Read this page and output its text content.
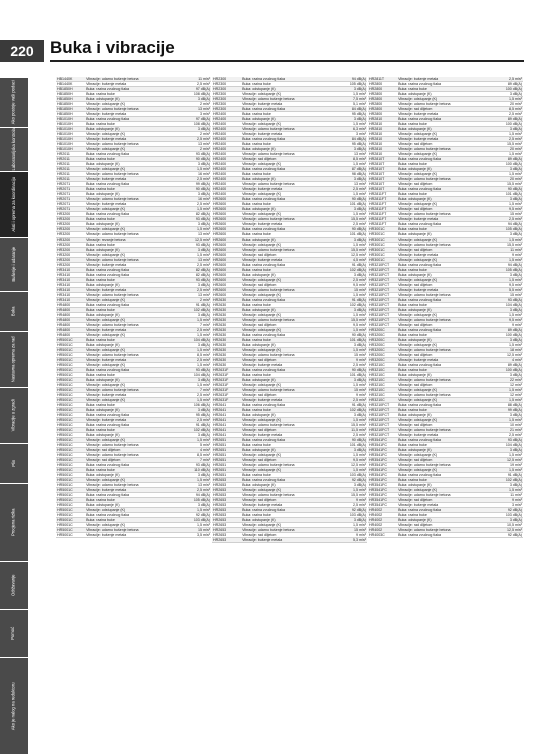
220 Buka i vibracije
Ako postoje vaši podaci
Laboratorijska kontrola
Alati i oprema za koordinaciju
Bušenje i udaranje
Buka
Nastavna oprema za rad
Vibracije u zgradi
Plin
Procjena rizika
Održavanje
Pomoć
Ako je nalog na reduktoru
HB1440K	Vibracije: udarno bušenje betona	11 m/s²
HB1440K	Vibracije: bušenje metala	2,5 m/s²
HB1850H	Buka: razina zvučnog tlaka	97 dB(A)
HB1850H	Buka: razina buke	108 dB(A)
HB1850H	Buka: odstupanje (K)	3 dB(A)
HB1850H	Vibracije: odstupanje (K)	2 m/s²
HB1850H	Vibracije: udarno bušenje betona	13 m/s²
HB1850H	Vibracije: bušenje metala	3 m/s²
HB1010H	Buka: razina zvučnog tlaka	97 dB(A)
HB1010H	Buka: razina buke	108 dB(A)
HB1010H	Buka: odstupanje (K)	3 dB(A)
HB1010H	Vibracije: odstupanje (K)	2 m/s²
HB1010H	Vibracije: bušenje metala	2,5 m/s²
HB1010H	Vibracije: udarno bušenje betona	13 m/s²
HB1010H	Vibracije: odstupanje (K)	2 m/s²
HR2011	Buka: razina zvučnog tlaka	93 dB(A)
HR2011	Buka: razina buke	90 dB(A)
HR2011	Buka: odstupanje (K)	3 dB(A)
HR2011	Vibracije: odstupanje (K)	1,5 m/s²
HR2011	Vibracije: udarno bušenje betona	16 m/s²
HR2011	Vibracije: bušenje metala	2,5 m/s²
HR2071	Buka: razina zvučnog tlaka	99 dB(A)
HR2071	Buka: razina buke	90 dB(A)
HR2071	Buka: odstupanje (K)	3 dB(A)
HR2071	Vibracije: udarno bušenje betona	16 m/s²
HR2071	Vibracije: bušenje metala	2,5 m/s²
HR2071	Vibracije: odstupanje (K)	1,5 m/s²
HR3200	Buka: razina zvučnog tlaka	82 dB(A)
HR3200	Buka: razina buke	93 dB(A)
HR3200	Buka: odstupanje (K)	3 dB(A)
HR3200	Vibracije: odstupanje (K)	1,5 m/s²
HR3200	Vibracije: udarno bušenje betona	13 m/s²
HR3200	Vibracije: rezanje betona	12,5 m/s²
HR3200	Buka: razina buke	93 dB(A)
HR3200	Buka: odstupanje (K)	3 dB(A)
HR3200	Vibracije: odstupanje (K)	1,5 m/s²
HR3200	Vibracije: udarno bušenje betona	13 m/s²
HR3200	Vibracije: bušenje metala	2,5 m/s²
HR3410	Buka: razina zvučnog tlaka	82 dB(A)
HR3410	Buka: razina zvučnog tlaka	82 dB(A)
HR3410	Buka: razina buke	93 dB(A)
HR3410	Buka: odstupanje (K)	3 dB(A)
HR3410	Vibracije: bušenje metala	2,5 m/s²
HR3410	Vibracije: udarno bušenje betona	13 m/s²
HR3410	Vibracije: odstupanje (K)	2 m/s²
HR4800	Buka: razina zvučnog tlaka	91 dB(A)
HR4800	Buka: razina buke	102 dB(A)
HR4800	Buka: odstupanje (K)	3 dB(A)
HR4800	Vibracije: odstupanje (K)	1,5 m/s²
HR4800	Vibracije: udarno bušenje betona	7 m/s²
HR4800	Vibracije: bušenje metala	2,5 m/s²
HR4800	Vibracije: odstupanje (K)	1,5 m/s²
HR5001C	Buka: razina buke	104 dB(A)
HR5001C	Buka: odstupanje (K)	3 dB(A)
HR5001C	Vibracije: odstupanje (K)	1,5 m/s²
HR5001C	Vibracije: udarno bušenje betona	8,5 m/s²
HR5001C	Vibracije: bušenje metala	2,5 m/s²
HR5001C	Vibracije: odstupanje (K)	1,5 m/s²
HR5001C	Buka: razina zvučnog tlaka	93 dB(A)
HR5001C	Buka: razina buke	104 dB(A)
HR5001C	Buka: odstupanje (K)	3 dB(A)
HR5001C	Vibracije: odstupanje (K)	1,5 m/s²
HR5001C	Vibracije: udarno bušenje betona	7 m/s²
HR5001C	Vibracije: bušenje metala	2,5 m/s²
HR5001C	Vibracije: odstupanje (K)	1,5 m/s²
HR5001C	Buka: razina buke	106 dB(A)
HR5001C	Buka: odstupanje (K)	3 dB(A)
HR5001C	Buka: razina zvučnog tlaka	95 dB(A)
HR5001C	Vibracije: bušenje metala	2,5 m/s²
HR5001C	Buka: razina zvučnog tlaka	91 dB(A)
HR5001C	Buka: razina buke	102 dB(A)
HR5001C	Buka: odstupanje (K)	3 dB(A)
HR5001C	Vibracije: odstupanje (K)	1,5 m/s²
HR5001C	Vibracije: udarno bušenje betona	5 m/s²
HR5001C	Vibracije: rad dlijetom	4 m/s²
HR5001C	Vibracije: udarno bušenje betona	8,5 m/s²
HR5001C	Vibracije: rad dlijetom	7 m/s²
HR5001C	Buka: razina zvučnog tlaka	93 dB(A)
HR5001C	Buka: razina buke	110 dB(A)
HR5001C	Buka: odstupanje (K)	3 dB(A)
HR5001C	Vibracije: odstupanje (K)	1,5 m/s²
HR5001C	Vibracije: udarno bušenje betona	13 m/s²
HR5001C	Vibracije: bušenje metala	2,5 m/s²
HR5001C	Buka: razina zvučnog tlaka	94 dB(A)
HR5001C	Buka: razina buke	105 dB(A)
HR5001C	Buka: odstupanje (K)	3 dB(A)
HR5001C	Vibracije: odstupanje (K)	1,5 m/s²
HR5001C	Buka: razina zvučnog tlaka	92 dB(A)
HR5001C	Buka: razina buke	103 dB(A)
HR5001C	Vibracije: odstupanje (K)	1,5 m/s²
HR5001C	Vibracije: udarno bušenje betona	15 m/s²
HR5001C	Vibracije: bušenje metala	3,5 m/s²
HR2300	Buka: razina zvučnog tlaka	94 dB(A)
HR2300	Buka: razina buke	105 dB(A)
HR2300	Buka: odstupanje (K)	3 dB(A)
HR2300	Vibracije: odstupanje (K)	1,5 m/s²
HR2300	Vibracije: udarno bušenje betona	7,5 m/s²
HR2300	Vibracije: bušenje metala	5,1 m/s²
HR2300	Buka: razina zvučnog tlaka	84 dB(A)
HR2400	Buka: razina buke	95 dB(A)
HR2400	Buka: odstupanje (K)	3 dB(A)
HR2400	Vibracije: odstupanje (K)	1,5 m/s²
HR2400	Vibracije: udarno bušenje betona	6,3 m/s²
HR2400	Vibracije: bušenje metala	3 m/s²
HR2400	Buka: razina zvučnog tlaka	84 dB(A)
HR2400	Buka: razina buke	95 dB(A)
HR2400	Buka: odstupanje (K)	3 dB(A)
HR2400	Vibracije: udarno bušenje betona	13 m/s²
HR2400	Vibracije: rad dlijetom	8,5 m/s²
HR2400	Vibracije: odstupanje (K)	1,5 m/s²
HR2400	Buka: razina zvučnog tlaka	87 dB(A)
HR2400	Buka: razina buke	98 dB(A)
HR2400	Buka: odstupanje (K)	3 dB(A)
HR2400	Vibracije: udarno bušenje betona	13 m/s²
HR2400	Vibracije: bušenje metala	2,5 m/s²
HR2400	Vibracije: odstupanje (K)	1,5 m/s²
HR2600	Buka: razina zvučnog tlaka	90 dB(A)
HR2600	Buka: razina buke	101 dB(A)
HR2600	Buka: odstupanje (K)	3 dB(A)
HR2600	Vibracije: odstupanje (K)	1,5 m/s²
HR2600	Vibracije: udarno bušenje betona	15,5 m/s²
HR2600	Vibracije: bušenje metala	2,5 m/s²
HR2600	Buka: razina zvučnog tlaka	90 dB(A)
HR2600	Buka: razina buke	101 dB(A)
HR2600	Buka: odstupanje (K)	3 dB(A)
HR2600	Vibracije: odstupanje (K)	1,5 m/s²
HR2600	Vibracije: udarno bušenje betona	15,5 m/s²
HR2600	Vibracije: rad dlijetom	12,5 m/s²
HR2600	Vibracije: bušenje metala	4,5 m/s²
HR2600	Buka: razina zvučnog tlaka	91 dB(A)
HR2600	Buka: razina buke	102 dB(A)
HR2600	Buka: odstupanje (K)	3 dB(A)
HR2600	Vibracije: odstupanje (K)	2,5 m/s²
HR2600	Vibracije: rad dlijetom	9,5 m/s²
HR2600	Vibracije: udarno bušenje betona	15 m/s²
HR2600	Vibracije: odstupanje (K)	1,5 m/s²
HR2630	Buka: razina zvučnog tlaka	91 dB(A)
HR2630	Buka: razina buke	102 dB(A)
HR2630	Buka: odstupanje (K)	3 dB(A)
HR2630	Vibracije: odstupanje (K)	1,5 m/s²
HR2630	Vibracije: udarno bušenje betona	15,5 m/s²
HR2630	Vibracije: rad dlijetom	9,5 m/s²
HR2630	Vibracije: odstupanje (K)	1,5 m/s²
HR2630	Buka: razina zvučnog tlaka	90 dB(A)
HR2630	Buka: razina buke	101 dB(A)
HR2630	Buka: odstupanje (K)	3 dB(A)
HR2630	Vibracije: odstupanje (K)	1,5 m/s²
HR2630	Vibracije: udarno bušenje betona	15 m/s²
HR2630	Vibracije: rad dlijetom	9 m/s²
HR2630	Vibracije: bušenje metala	2,5 m/s²
HR2631F	Buka: razina zvučnog tlaka	90 dB(A)
HR2631F	Buka: razina buke	101 dB(A)
HR2631F	Buka: odstupanje (K)	3 dB(A)
HR2631F	Vibracije: odstupanje (K)	1,5 m/s²
HR2631F	Vibracije: udarno bušenje betona	15 m/s²
HR2631F	Vibracije: rad dlijetom	9 m/s²
HR2631F	Vibracije: bušenje metala	2,5 m/s²
HR2641	Buka: razina zvučnog tlaka	91 dB(A)
HR2641	Buka: razina buke	102 dB(A)
HR2641	Buka: odstupanje (K)	3 dB(A)
HR2641	Vibracije: odstupanje (K)	1,5 m/s²
HR2641	Vibracije: udarno bušenje betona	15,5 m/s²
HR2641	Vibracije: rad dlijetom	11,5 m/s²
HR2641	Vibracije: bušenje metala	2,5 m/s²
HR2651	Buka: razina zvučnog tlaka	90 dB(A)
HR2651	Buka: razina buke	101 dB(A)
HR2651	Buka: odstupanje (K)	3 dB(A)
HR2651	Vibracije: odstupanje (K)	1,5 m/s²
HR2651	Vibracije: rad dlijetom	9,5 m/s²
HR2651	Vibracije: udarno bušenje betona	12,5 m/s²
HR2651	Vibracije: odstupanje (K)	1,5 m/s²
HR2651	Buka: razina buke	103 dB(A)
HR2653	Buka: razina zvučnog tlaka	92 dB(A)
HR2653	Buka: odstupanje (K)	3 dB(A)
HR2653	Vibracije: odstupanje (K)	1,5 m/s²
HR2653	Vibracije: udarno bušenje betona	15,5 m/s²
HR2653	Vibracije: rad dlijetom	9 m/s²
HR2653	Vibracije: bušenje metala	2,5 m/s²
HR2653	Buka: razina zvučnog tlaka	92 dB(A)
HR2653	Buka: razina buke	103 dB(A)
HR2653	Buka: odstupanje (K)	3 dB(A)
HR2653	Vibracije: odstupanje (K)	1,5 m/s²
HR2653	Vibracije: udarno bušenje betona	15 m/s²
HR2653	Vibracije: rad dlijetom	9 m/s²
HR2653	Vibracije: bušenje metala	5,3 m/s²
HR2811T	Vibracije: bušenje metala	2,5 m/s²
HR2800	Buka: razina zvučnog tlaka	89 dB(A)
HR2800	Buka: razina buke	100 dB(A)
HR2800	Buka: odstupanje (K)	3 dB(A)
HR2800	Vibracije: odstupanje (K)	1,5 m/s²
HR2800	Vibracije: udarno bušenje betona	20 m/s²
HR2800	Vibracije: rad dlijetom	8,5 m/s²
HR2800	Vibracije: bušenje metala	2,5 m/s²
HR2810	Buka: razina zvučnog tlaka	89 dB(A)
HR2810	Buka: razina buke	100 dB(A)
HR2810	Buka: odstupanje (K)	3 dB(A)
HR2810	Vibracije: odstupanje (K)	1,5 m/s²
HR2810	Vibracije: bušenje metala	2,5 m/s²
HR2810	Vibracije: rad dlijetom	15,5 m/s²
HR2810	Vibracije: udarno bušenje betona	20 m/s²
HR2810	Vibracije: odstupanje (K)	1,5 m/s²
HR2810T	Buka: razina zvučnog tlaka	89 dB(A)
HR2810T	Buka: razina buke	100 dB(A)
HR2810T	Buka: odstupanje (K)	3 dB(A)
HR2810T	Vibracije: odstupanje (K)	1,5 m/s²
HR2810T	Vibracije: udarno bušenje betona	20 m/s²
HR2810T	Vibracije: rad dlijetom	15,5 m/s²
HR2810T	Buka: razina zvučnog tlaka	90 dB(A)
HR2811FT	Buka: razina buke	101 dB(A)
HR2811FT	Buka: odstupanje (K)	3 dB(A)
HR2811FT	Vibracije: odstupanje (K)	1,5 m/s²
HR2811FT	Vibracije: rad dlijetom	9,5 m/s²
HR2811FT	Vibracije: udarno bušenje betona	15 m/s²
HR2811FT	Vibracije: bušenje metala	2,5 m/s²
HR2811FT	Buka: razina zvučnog tlaka	94 dB(A)
HR3001C	Buka: razina buke	105 dB(A)
HR3001C	Buka: odstupanje (K)	3 dB(A)
HR3001C	Vibracije: odstupanje (K)	1,5 m/s²
HR3001C	Vibracije: udarno bušenje betona	15,5 m/s²
HR3001C	Vibracije: rad dlijetom	11 m/s²
HR3001C	Vibracije: bušenje metala	9 m/s²
HR3001C	Vibracije: odstupanje (K)	1,5 m/s²
HR3210FCT	Buka: razina zvučnog tlaka	94 dB(A)
HR3210FCT	Buka: razina buke	105 dB(A)
HR3210FCT	Buka: odstupanje (K)	3 dB(A)
HR3210FCT	Vibracije: odstupanje (K)	1,5 m/s²
HR3210FCT	Vibracije: rad dlijetom	9,5 m/s²
HR3210FCT	Vibracije: bušenje metala	5,5 m/s²
HR3210FCT	Vibracije: udarno bušenje betona	15 m/s²
HR3210FCT	Buka: razina zvučnog tlaka	93 dB(A)
HR3210FCT	Buka: razina buke	104 dB(A)
HR3210FCT	Buka: odstupanje (K)	3 dB(A)
HR3210FCT	Vibracije: odstupanje (K)	1,5 m/s²
HR3210FCT	Vibracije: udarno bušenje betona	9,5 m/s²
HR3210FCT	Vibracije: rad dlijetom	9 m/s²
HR3200C	Buka: razina zvučnog tlaka	89 dB(A)
HR3200C	Buka: razina buke	100 dB(A)
HR3200C	Buka: odstupanje (K)	3 dB(A)
HR3200C	Vibracije: odstupanje (K)	1,5 m/s²
HR3200C	Vibracije: udarno bušenje betona	18 m/s²
HR3200C	Vibracije: rad dlijetom	12,5 m/s²
HR3200C	Vibracije: bušenje metala	4 m/s²
HR3210C	Buka: razina zvučnog tlaka	89 dB(A)
HR3210C	Buka: razina buke	100 dB(A)
HR3210C	Buka: odstupanje (K)	3 dB(A)
HR3210C	Vibracije: udarno bušenje betona	22 m/s²
HR3210C	Vibracije: rad dlijetom	12 m/s²
HR3210C	Vibracije: odstupanje (K)	1,5 m/s²
HR3210C	Vibracije: udarno bušenje betona	12 m/s²
HR3210C	Vibracije: odstupanje (K)	1,5 m/s²
HR3210FCT	Buka: razina zvučnog tlaka	88 dB(A)
HR3210FCT	Buka: razina buke	99 dB(A)
HR3210FCT	Buka: odstupanje (K)	3 dB(A)
HR3210FCT	Vibracije: odstupanje (K)	1,5 m/s²
HR3210FCT	Vibracije: rad dlijetom	10 m/s²
HR3210FCT	Vibracije: udarno bušenje betona	21 m/s²
HR3210FCT	Vibracije: bušenje metala	2,5 m/s²
HR3541FC	Buka: razina zvučnog tlaka	93 dB(A)
HR3541FC	Buka: razina buke	104 dB(A)
HR3541FC	Buka: odstupanje (K)	3 dB(A)
HR3541FC	Vibracije: odstupanje (K)	1,5 m/s²
HR3541FC	Vibracije: rad dlijetom	12,5 m/s²
HR3541FC	Vibracije: udarno bušenje betona	19 m/s²
HR3541FC	Vibracije: odstupanje (K)	1,5 m/s²
HR3541FC	Buka: razina zvučnog tlaka	91 dB(A)
HR3541FC	Buka: razina buke	102 dB(A)
HR3541FC	Buka: odstupanje (K)	3 dB(A)
HR3541FC	Vibracije: odstupanje (K)	1,5 m/s²
HR3541FC	Vibracije: udarno bušenje betona	11 m/s²
HR3541FC	Vibracije: rad dlijetom	9 m/s²
HR3541FC	Vibracije: bušenje metala	3 m/s²
HR4002	Buka: razina zvučnog tlaka	92 dB(A)
HR4002	Buka: razina buke	103 dB(A)
HR4002	Buka: odstupanje (K)	3 dB(A)
HR4002	Vibracije: rad dlijetom	10,5 m/s²
HR4002	Vibracije: udarno bušenje betona	12,5 m/s²
HR4003C	Buka: razina zvučnog tlaka	92 dB(A)
